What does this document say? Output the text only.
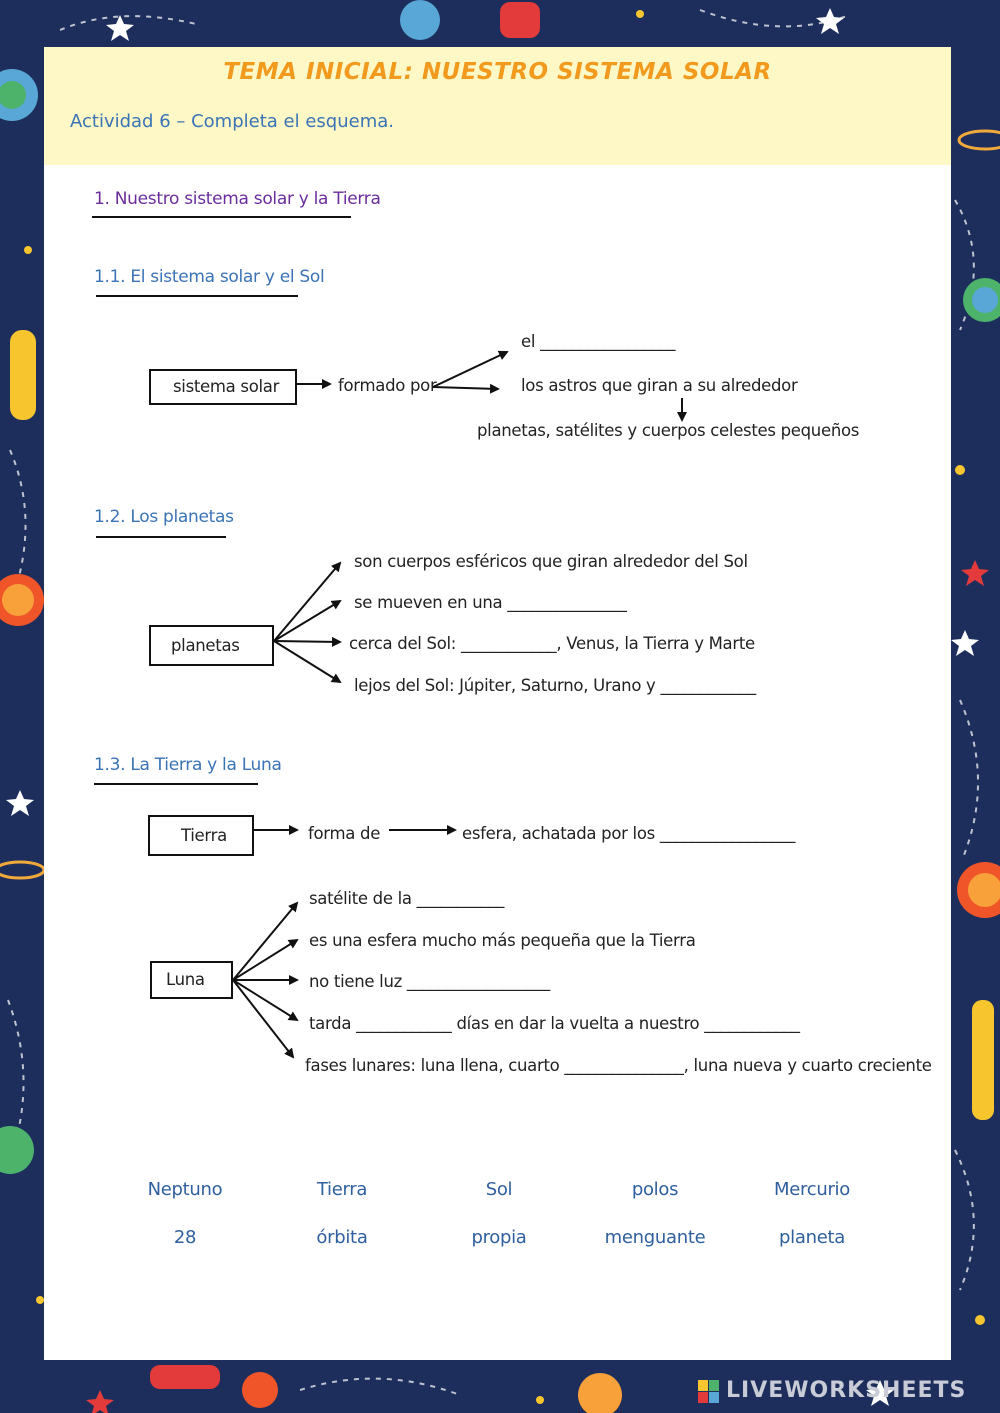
TEMA INICIAL: NUESTRO SISTEMA SOLAR
Actividad 6 – Completa el esquema.
1. Nuestro sistema solar y la Tierra
1.1. El sistema solar y el Sol
sistema solar	formado por
el _________________
los astros que giran a su alrededor
planetas, satélites y cuerpos celestes pequeños
1.2. Los planetas
planetas
son cuerpos esféricos que giran alrededor del Sol
se mueven en una _______________
cerca del Sol: ____________, Venus, la Tierra y Marte
lejos del Sol: Júpiter, Saturno, Urano y ____________
1.3. La Tierra y la Luna
Tierra	forma de	esfera, achatada por los _________________
Luna
satélite de la ___________
es una esfera mucho más pequeña que la Tierra
no tiene luz __________________
tarda ____________ días en dar la vuelta a nuestro ____________
fases lunares: luna llena, cuarto _______________, luna nueva y cuarto creciente
Neptuno	Tierra	Sol	polos	Mercurio
28	órbita	propia	menguante	planeta
LIVEWORKSHEETS
